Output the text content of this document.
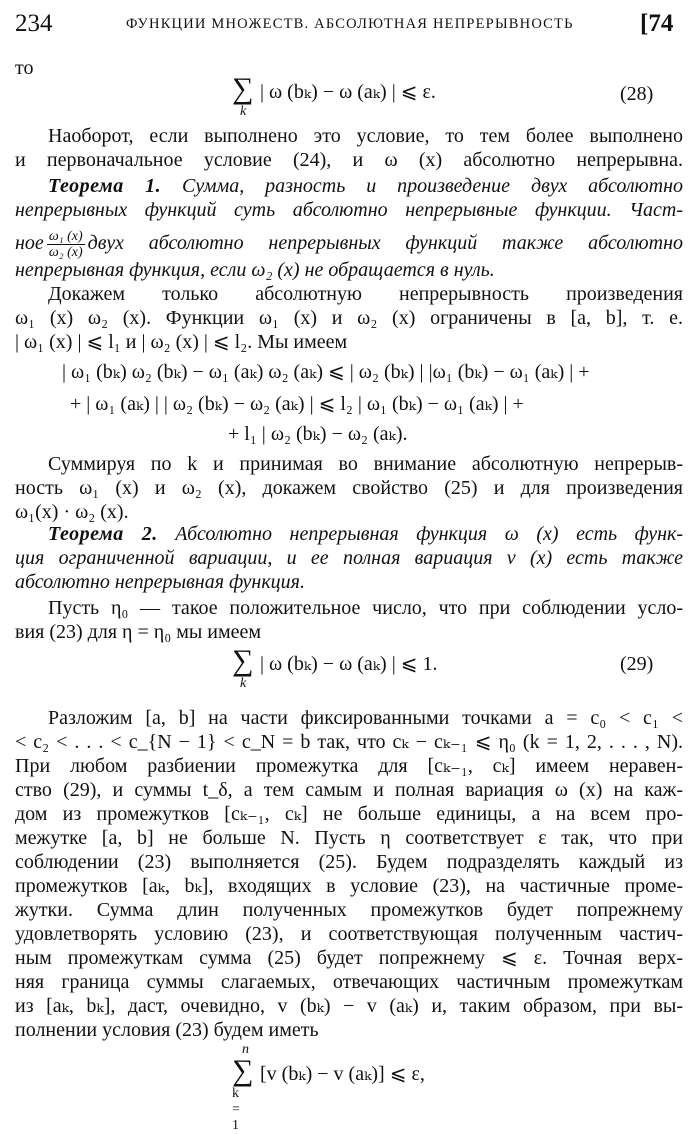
234	ФУНКЦИИ МНОЖЕСТВ. АБСОЛЮТНАЯ НЕПРЕРЫВНОСТЬ	[74
то
∑
k
| ω (bₖ) − ω (aₖ) | ⩽ ε.	(28)
Наоборот, если выполнено это условие, то тем более выполнено
и первоначальное условие (24), и ω (x) абсолютно непрерывна.
Теорема 1. Сумма, разность и произведение двух абсолютно
непрерывных функций суть абсолютно непрерывные функции. Част-
ное $\frac{\text{ω₁ (x)}}{\text{ω₂ (x)}}$ двух абсолютно непрерывных функций также абсолютно
непрерывная функция, если ω₂ (x) не обращается в нуль.
Докажем только абсолютную непрерывность произведения
ω₁ (x) ω₂ (x). Функции ω₁ (x) и ω₂ (x) ограничены в [a, b], т. е.
| ω₁ (x) | ⩽ l₁ и | ω₂ (x) | ⩽ l₂. Мы имеем
| ω₁ (bₖ) ω₂ (bₖ) − ω₁ (aₖ) ω₂ (aₖ) ⩽ | ω₂ (bₖ) | |ω₁ (bₖ) − ω₁ (aₖ) | +
+ | ω₁ (aₖ) | | ω₂ (bₖ) − ω₂ (aₖ) | ⩽ l₂ | ω₁ (bₖ) − ω₁ (aₖ) | +
+ l₁ | ω₂ (bₖ) − ω₂ (aₖ).
Суммируя по k и принимая во внимание абсолютную непрерыв-
ность ω₁ (x) и ω₂ (x), докажем свойство (25) и для произведения
ω₁(x) · ω₂ (x).
Теорема 2. Абсолютно непрерывная функция ω (x) есть функ-
ция ограниченной вариации, и ее полная вариация v (x) есть также
абсолютно непрерывная функция.
Пусть η₀ — такое положительное число, что при соблюдении усло-
вия (23) для η = η₀ мы имеем
∑
k
| ω (bₖ) − ω (aₖ) | ⩽ 1.	(29)
Разложим [a, b] на части фиксированными точками a = c₀ < c₁ <
< c₂ < . . . < c_{N − 1} < c_N = b так, что cₖ − cₖ₋₁ ⩽ η₀ (k = 1, 2, . . . , N).
При любом разбиении промежутка для [cₖ₋₁, cₖ] имеем неравен-
ство (29), и суммы t_δ, а тем самым и полная вариация ω (x) на каж-
дом из промежутков [cₖ₋₁, cₖ] не больше единицы, а на всем про-
межутке [a, b] не больше N. Пусть η соответствует ε так, что при
соблюдении (23) выполняется (25). Будем подразделять каждый из
промежутков [aₖ, bₖ], входящих в условие (23), на частичные проме-
жутки. Сумма длин полученных промежутков будет попрежнему
удовлетворять условию (23), и соответствующая полученным частич-
ным промежуткам сумма (25) будет попрежнему ⩽ ε. Точная верх-
няя граница суммы слагаемых, отвечающих частичным промежуткам
из [aₖ, bₖ], даст, очевидно, v (bₖ) − v (aₖ) и, таким образом, при вы-
полнении условия (23) будем иметь
n
∑
k = 1
[v (bₖ) − v (aₖ)] ⩽ ε,
